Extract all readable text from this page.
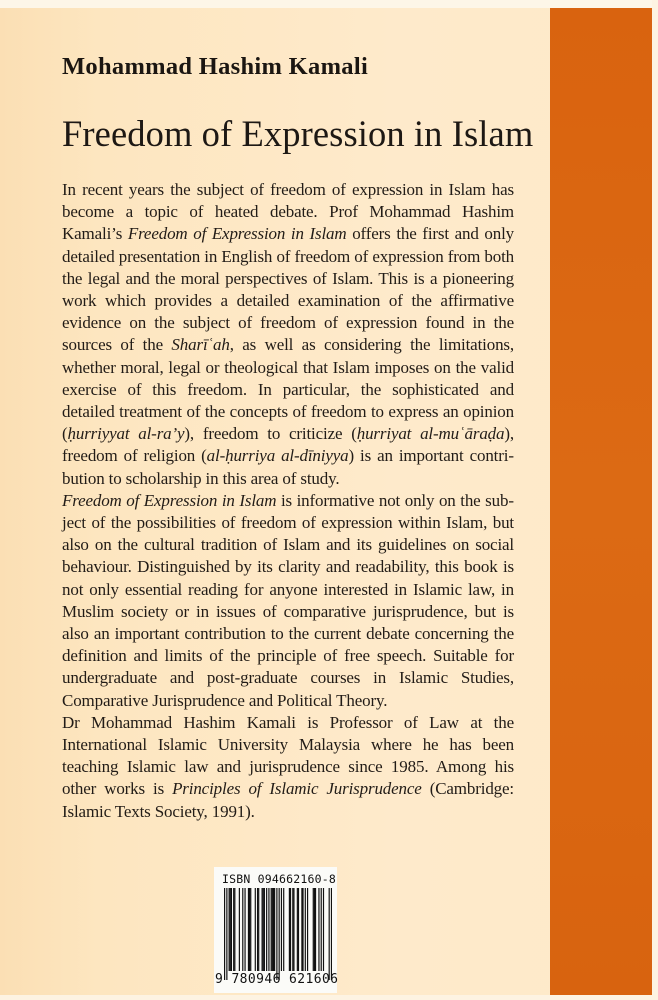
Mohammad Hashim Kamali
Freedom of Expression in Islam

In recent years the subject of freedom of expression in Islam has become a topic of heated debate. Prof Mohammad Hashim Kamali’s Freedom of Expression in Islam offers the first and only detailed presentation in English of freedom of expression from both the legal and the moral perspectives of Islam. This is a pioneering work which provides a detailed examination of the affirmative evidence on the subject of freedom of expression found in the sources of the Sharīʿah, as well as considering the limitations, whether moral, legal or theological that Islam imposes on the valid exercise of this freedom. In particular, the sophisticated and detailed treatment of the concepts of freedom to express an opinion (ḥurriyyat al-ra’y), freedom to criticize (ḥurriyat al-muʿāraḍa), freedom of religion (al-ḥurriya al-dīniyya) is an important contribution to scholarship in this area of study.

Freedom of Expression in Islam is informative not only on the subject of the possibilities of freedom of expression within Islam, but also on the cultural tradition of Islam and its guidelines on social behaviour. Distinguished by its clarity and readability, this book is not only essential reading for anyone interested in Islamic law, in Muslim society or in issues of comparative jurisprudence, but is also an important contribution to the current debate concerning the definition and limits of the principle of free speech. Suitable for undergraduate and post-graduate courses in Islamic Studies, Comparative Jurisprudence and Political Theory.

Dr Mohammad Hashim Kamali is Professor of Law at the International Islamic University Malaysia where he has been teaching Islamic law and jurisprudence since 1985. Among his other works is Principles of Islamic Jurisprudence (Cambridge: Islamic Texts Society, 1991).

ISBN 094662160-8
9 780946 621606
